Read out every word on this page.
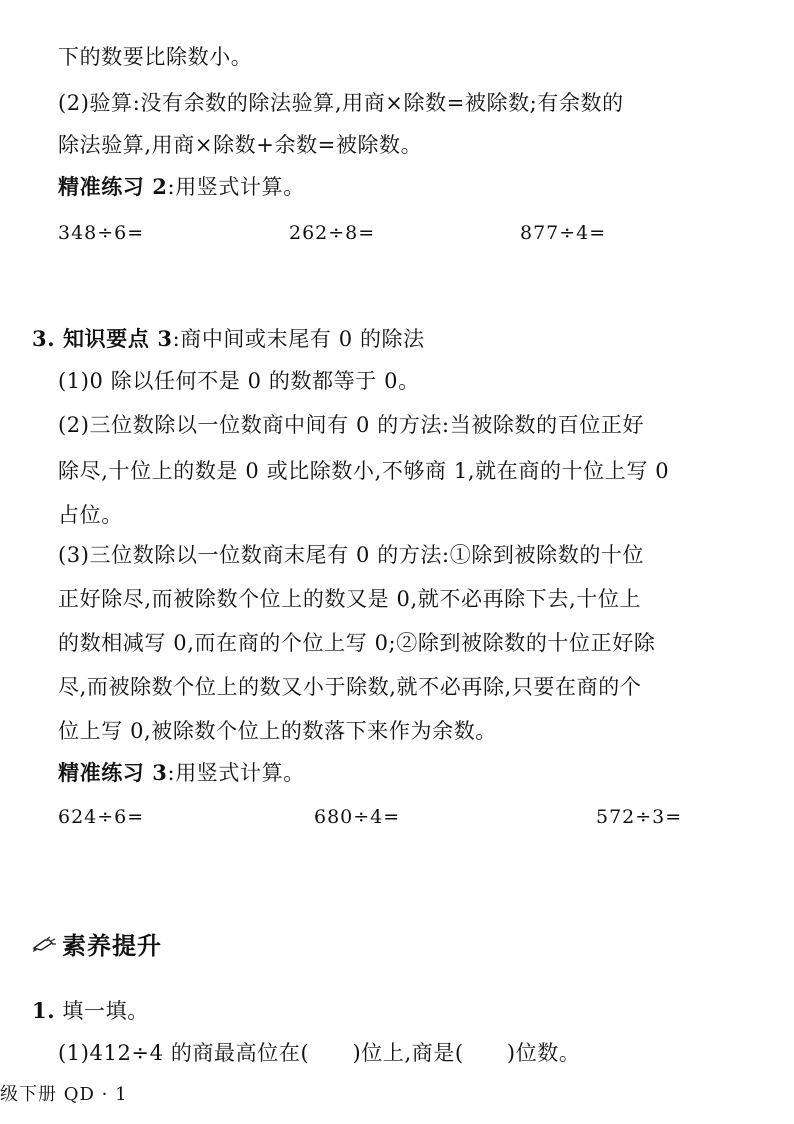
下的数要比除数小。
(2)验算:没有余数的除法验算,用商×除数=被除数;有余数的
除法验算,用商×除数+余数=被除数。
精准练习 2:用竖式计算。
348÷6=	262÷8=	877÷4=
3. 知识要点 3:商中间或末尾有 0 的除法
(1)0 除以任何不是 0 的数都等于 0。
(2)三位数除以一位数商中间有 0 的方法:当被除数的百位正好
除尽,十位上的数是 0 或比除数小,不够商 1,就在商的十位上写 0
占位。
(3)三位数除以一位数商末尾有 0 的方法:①除到被除数的十位
正好除尽,而被除数个位上的数又是 0,就不必再除下去,十位上
的数相减写 0,而在商的个位上写 0;②除到被除数的十位正好除
尽,而被除数个位上的数又小于除数,就不必再除,只要在商的个
位上写 0,被除数个位上的数落下来作为余数。
精准练习 3:用竖式计算。
624÷6=	680÷4=	572÷3=
素养提升
1. 填一填。
(1)412÷4 的商最高位在(　　)位上,商是(　　)位数。
级下册 QD · 1
